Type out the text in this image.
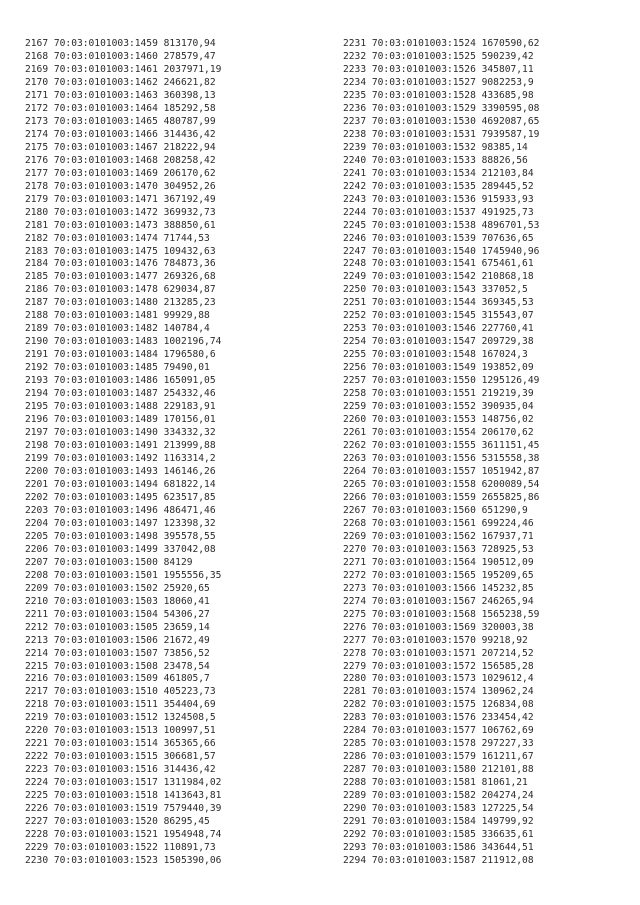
2167 70:03:0101003:1459 813170,94
2168 70:03:0101003:1460 278579,47
2169 70:03:0101003:1461 2037971,19
2170 70:03:0101003:1462 246621,82
2171 70:03:0101003:1463 360398,13
2172 70:03:0101003:1464 185292,58
2173 70:03:0101003:1465 480787,99
2174 70:03:0101003:1466 314436,42
2175 70:03:0101003:1467 218222,94
2176 70:03:0101003:1468 208258,42
2177 70:03:0101003:1469 206170,62
2178 70:03:0101003:1470 304952,26
2179 70:03:0101003:1471 367192,49
2180 70:03:0101003:1472 369932,73
2181 70:03:0101003:1473 388850,61
2182 70:03:0101003:1474 71744,53
2183 70:03:0101003:1475 109432,63
2184 70:03:0101003:1476 784873,36
2185 70:03:0101003:1477 269326,68
2186 70:03:0101003:1478 629034,87
2187 70:03:0101003:1480 213285,23
2188 70:03:0101003:1481 99929,88
2189 70:03:0101003:1482 140784,4
2190 70:03:0101003:1483 1002196,74
2191 70:03:0101003:1484 1796580,6
2192 70:03:0101003:1485 79490,01
2193 70:03:0101003:1486 165091,05
2194 70:03:0101003:1487 254332,46
2195 70:03:0101003:1488 229183,91
2196 70:03:0101003:1489 170156,01
2197 70:03:0101003:1490 334332,32
2198 70:03:0101003:1491 213999,88
2199 70:03:0101003:1492 1163314,2
2200 70:03:0101003:1493 146146,26
2201 70:03:0101003:1494 681822,14
2202 70:03:0101003:1495 623517,85
2203 70:03:0101003:1496 486471,46
2204 70:03:0101003:1497 123398,32
2205 70:03:0101003:1498 395578,55
2206 70:03:0101003:1499 337042,08
2207 70:03:0101003:1500 84129
2208 70:03:0101003:1501 1955556,35
2209 70:03:0101003:1502 25920,65
2210 70:03:0101003:1503 18060,41
2211 70:03:0101003:1504 54306,27
2212 70:03:0101003:1505 23659,14
2213 70:03:0101003:1506 21672,49
2214 70:03:0101003:1507 73856,52
2215 70:03:0101003:1508 23478,54
2216 70:03:0101003:1509 461805,7
2217 70:03:0101003:1510 405223,73
2218 70:03:0101003:1511 354404,69
2219 70:03:0101003:1512 1324508,5
2220 70:03:0101003:1513 100997,51
2221 70:03:0101003:1514 365365,66
2222 70:03:0101003:1515 306681,57
2223 70:03:0101003:1516 314436,42
2224 70:03:0101003:1517 1311984,02
2225 70:03:0101003:1518 1413643,81
2226 70:03:0101003:1519 7579440,39
2227 70:03:0101003:1520 86295,45
2228 70:03:0101003:1521 1954948,74
2229 70:03:0101003:1522 110891,73
2230 70:03:0101003:1523 1505390,06
2231 70:03:0101003:1524 1670590,62
2232 70:03:0101003:1525 590239,42
2233 70:03:0101003:1526 345807,11
2234 70:03:0101003:1527 9082253,9
2235 70:03:0101003:1528 433685,98
2236 70:03:0101003:1529 3390595,08
2237 70:03:0101003:1530 4692087,65
2238 70:03:0101003:1531 7939587,19
2239 70:03:0101003:1532 98385,14
2240 70:03:0101003:1533 88826,56
2241 70:03:0101003:1534 212103,84
2242 70:03:0101003:1535 289445,52
2243 70:03:0101003:1536 915933,93
2244 70:03:0101003:1537 491925,73
2245 70:03:0101003:1538 4896701,53
2246 70:03:0101003:1539 707636,65
2247 70:03:0101003:1540 1745940,96
2248 70:03:0101003:1541 675461,61
2249 70:03:0101003:1542 210868,18
2250 70:03:0101003:1543 337052,5
2251 70:03:0101003:1544 369345,53
2252 70:03:0101003:1545 315543,07
2253 70:03:0101003:1546 227760,41
2254 70:03:0101003:1547 209729,38
2255 70:03:0101003:1548 167024,3
2256 70:03:0101003:1549 193852,09
2257 70:03:0101003:1550 1295126,49
2258 70:03:0101003:1551 219219,39
2259 70:03:0101003:1552 390935,04
2260 70:03:0101003:1553 148756,02
2261 70:03:0101003:1554 206170,62
2262 70:03:0101003:1555 3611151,45
2263 70:03:0101003:1556 5315558,38
2264 70:03:0101003:1557 1051942,87
2265 70:03:0101003:1558 6200089,54
2266 70:03:0101003:1559 2655825,86
2267 70:03:0101003:1560 651290,9
2268 70:03:0101003:1561 699224,46
2269 70:03:0101003:1562 167937,71
2270 70:03:0101003:1563 728925,53
2271 70:03:0101003:1564 190512,09
2272 70:03:0101003:1565 195209,65
2273 70:03:0101003:1566 145232,85
2274 70:03:0101003:1567 246265,94
2275 70:03:0101003:1568 1565238,59
2276 70:03:0101003:1569 320003,38
2277 70:03:0101003:1570 99218,92
2278 70:03:0101003:1571 207214,52
2279 70:03:0101003:1572 156585,28
2280 70:03:0101003:1573 1029612,4
2281 70:03:0101003:1574 130962,24
2282 70:03:0101003:1575 126834,08
2283 70:03:0101003:1576 233454,42
2284 70:03:0101003:1577 106762,69
2285 70:03:0101003:1578 297227,33
2286 70:03:0101003:1579 161211,67
2287 70:03:0101003:1580 212101,88
2288 70:03:0101003:1581 81061,21
2289 70:03:0101003:1582 204274,24
2290 70:03:0101003:1583 127225,54
2291 70:03:0101003:1584 149799,92
2292 70:03:0101003:1585 336635,61
2293 70:03:0101003:1586 343644,51
2294 70:03:0101003:1587 211912,08
